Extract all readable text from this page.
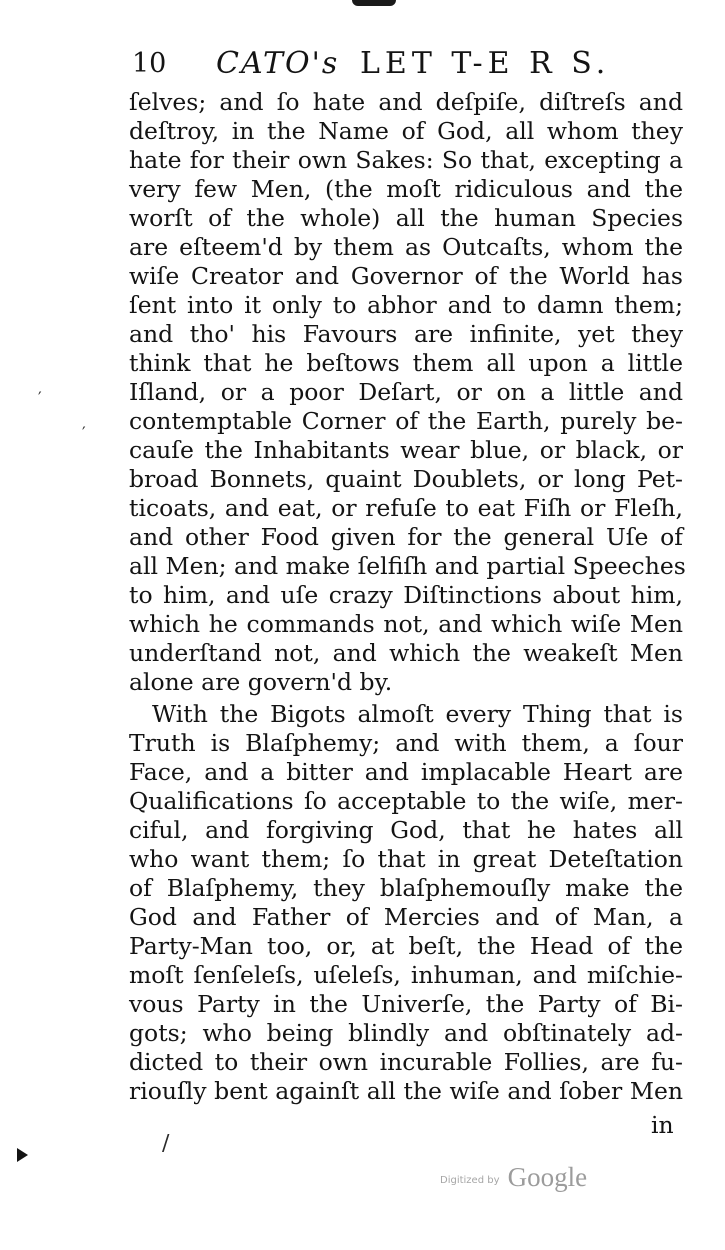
10 CATO's LET T-E R S.
ſelves; and ſo hate and deſpiſe, diſtreſs and
deſtroy, in the Name of God, all whom they
hate for their own Sakes: So that, excepting a
very few Men, (the moſt ridiculous and the
worſt of the whole) all the human Species
are eſteem'd by them as Outcaſts, whom the
wiſe Creator and Governor of the World has
ſent into it only to abhor and to damn them;
and tho' his Favours are infinite, yet they
think that he beſtows them all upon a little
Iſland, or a poor Deſart, or on a little and
contemptable Corner of the Earth, purely be-
cauſe the Inhabitants wear blue, or black, or
broad Bonnets, quaint Doublets, or long Pet-
ticoats, and eat, or refuſe to eat Fiſh or Fleſh,
and other Food given for the general Uſe of
all Men; and make ſelfiſh and partial Speeches
to him, and uſe crazy Diſtinctions about him,
which he commands not, and which wiſe Men
underſtand not, and which the weakeſt Men
alone are govern'd by.
With the Bigots almoſt every Thing that is
Truth is Blaſphemy; and with them, a ſour
Face, and a bitter and implacable Heart are
Qualifications ſo acceptable to the wiſe, mer-
ciful, and forgiving God, that he hates all
who want them; ſo that in great Deteſtation
of Blaſphemy, they blaſphemouſly make the
God and Father of Mercies and of Man, a
Party-Man too, or, at beſt, the Head of the
moſt ſenſeleſs, uſeleſs, inhuman, and miſchie-
vous Party in the Univerſe, the Party of Bi-
gots; who being blindly and obſtinately ad-
dicted to their own incurable Follies, are fu-
riouſly bent againſt all the wiſe and ſober Men
in
′
′
∕
Digitized by Google
